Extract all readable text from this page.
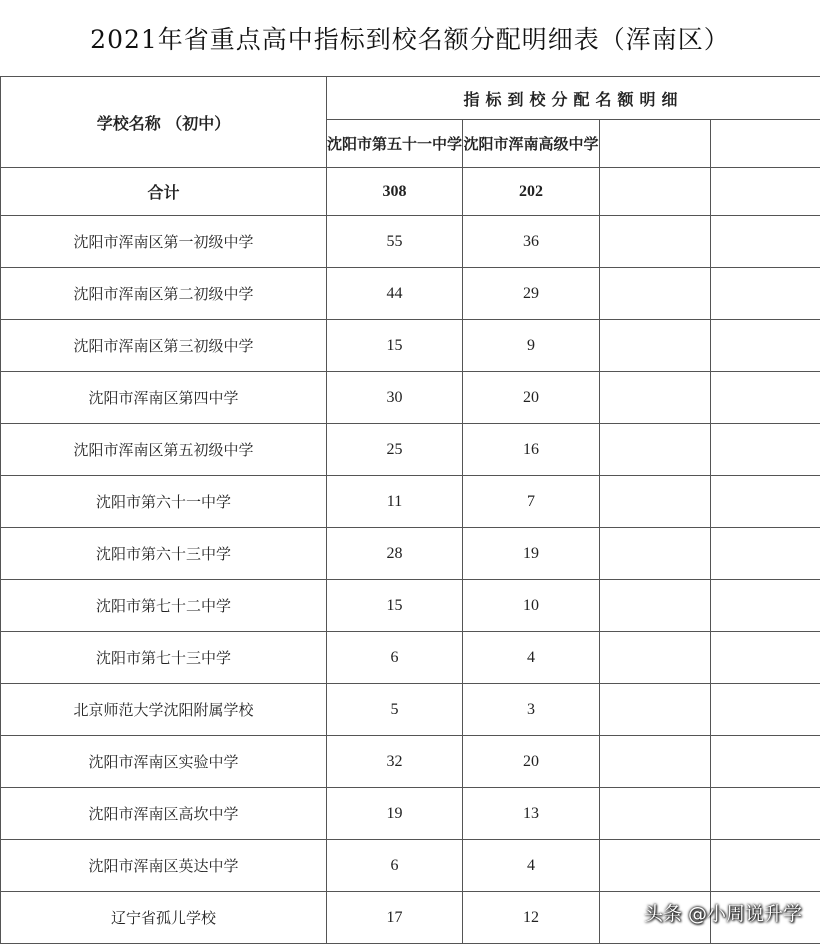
2021年省重点高中指标到校名额分配明细表（浑南区）
学校名称 （初中）	指标到校分配名额明细			
	沈阳市第五十一中学	沈阳市浑南高级中学		
合计	308	202		
沈阳市浑南区第一初级中学	55	36		
沈阳市浑南区第二初级中学	44	29		
沈阳市浑南区第三初级中学	15	9		
沈阳市浑南区第四中学	30	20		
沈阳市浑南区第五初级中学	25	16		
沈阳市第六十一中学	11	7		
沈阳市第六十三中学	28	19		
沈阳市第七十二中学	15	10		
沈阳市第七十三中学	6	4		
北京师范大学沈阳附属学校	5	3		
沈阳市浑南区实验中学	32	20		
沈阳市浑南区高坎中学	19	13		
沈阳市浑南区英达中学	6	4		
辽宁省孤儿学校	17	12			头条 @小周说升学
